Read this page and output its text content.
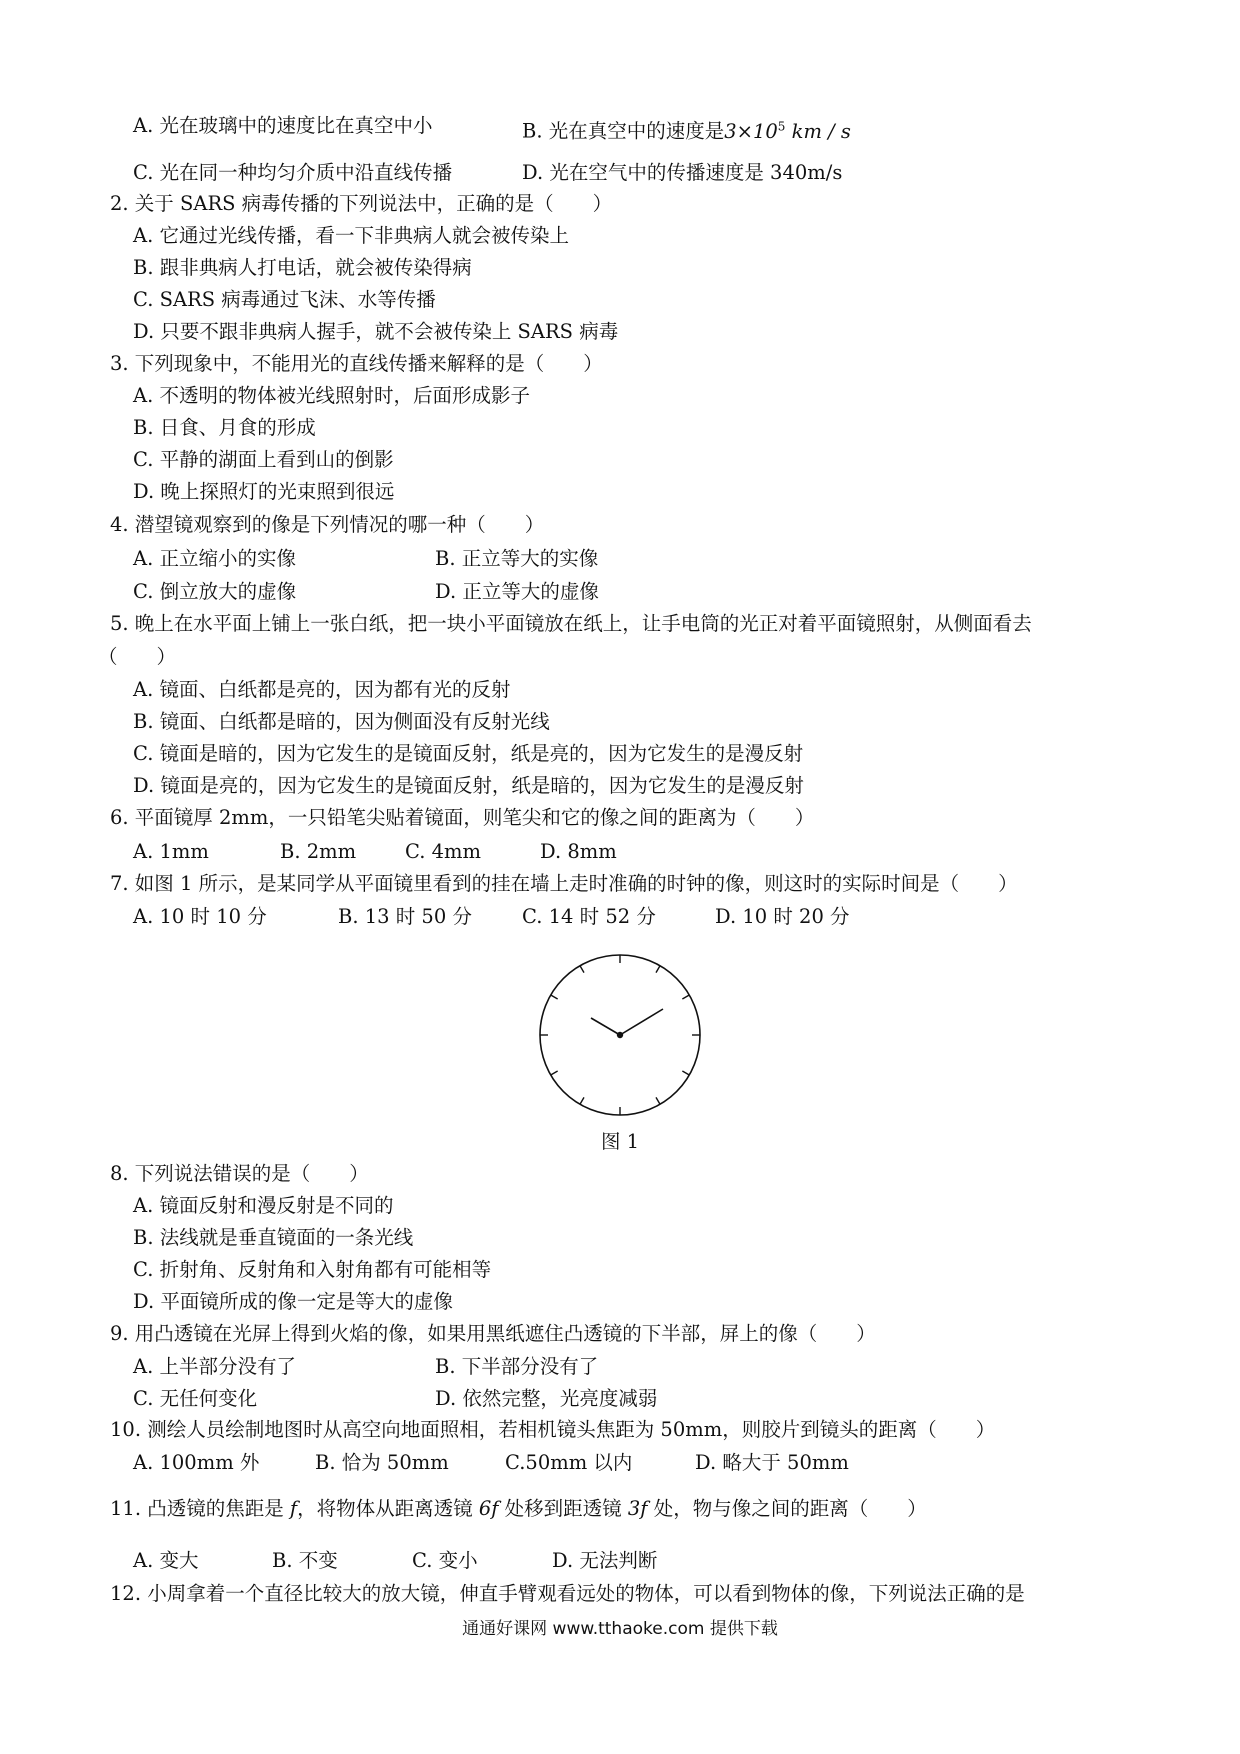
A. 光在玻璃中的速度比在真空中小	B. 光在真空中的速度是$3\times 10^5$ km / s
C. 光在同一种均匀介质中沿直线传播	D. 光在空气中的传播速度是 340m/s
2. 关于 SARS 病毒传播的下列说法中，正确的是（　　）
A. 它通过光线传播，看一下非典病人就会被传染上
B. 跟非典病人打电话，就会被传染得病
C. SARS 病毒通过飞沫、水等传播
D. 只要不跟非典病人握手，就不会被传染上 SARS 病毒
3. 下列现象中，不能用光的直线传播来解释的是（　　）
A. 不透明的物体被光线照射时，后面形成影子
B. 日食、月食的形成
C. 平静的湖面上看到山的倒影
D. 晚上探照灯的光束照到很远
4. 潜望镜观察到的像是下列情况的哪一种（　　）
A. 正立缩小的实像	B. 正立等大的实像
C. 倒立放大的虚像	D. 正立等大的虚像
5. 晚上在水平面上铺上一张白纸，把一块小平面镜放在纸上，让手电筒的光正对着平面镜照射，从侧面看去
（　　）
A. 镜面、白纸都是亮的，因为都有光的反射
B. 镜面、白纸都是暗的，因为侧面没有反射光线
C. 镜面是暗的，因为它发生的是镜面反射，纸是亮的，因为它发生的是漫反射
D. 镜面是亮的，因为它发生的是镜面反射，纸是暗的，因为它发生的是漫反射
6. 平面镜厚 2mm，一只铅笔尖贴着镜面，则笔尖和它的像之间的距离为（　　）
A. 1mm	B. 2mm	C. 4mm	D. 8mm
7. 如图 1 所示，是某同学从平面镜里看到的挂在墙上走时准确的时钟的像，则这时的实际时间是（　　）
A. 10 时 10 分	B. 13 时 50 分	C. 14 时 52 分	D. 10 时 20 分
图 1
8. 下列说法错误的是（　　）
A. 镜面反射和漫反射是不同的
B. 法线就是垂直镜面的一条光线
C. 折射角、反射角和入射角都有可能相等
D. 平面镜所成的像一定是等大的虚像
9. 用凸透镜在光屏上得到火焰的像，如果用黑纸遮住凸透镜的下半部，屏上的像（　　）
A. 上半部分没有了	B. 下半部分没有了
C. 无任何变化	D. 依然完整，光亮度减弱
10. 测绘人员绘制地图时从高空向地面照相，若相机镜头焦距为 50mm，则胶片到镜头的距离（　　）
A. 100mm 外	B. 恰为 50mm	C.50mm 以内	D. 略大于 50mm
11. 凸透镜的焦距是 f，将物体从距离透镜 6f 处移到距透镜 3f 处，物与像之间的距离（　　）
A. 变大	B. 不变	C. 变小	D. 无法判断
12. 小周拿着一个直径比较大的放大镜，伸直手臂观看远处的物体，可以看到物体的像，下列说法正确的是
通通好课网 www.tthaoke.com 提供下载
